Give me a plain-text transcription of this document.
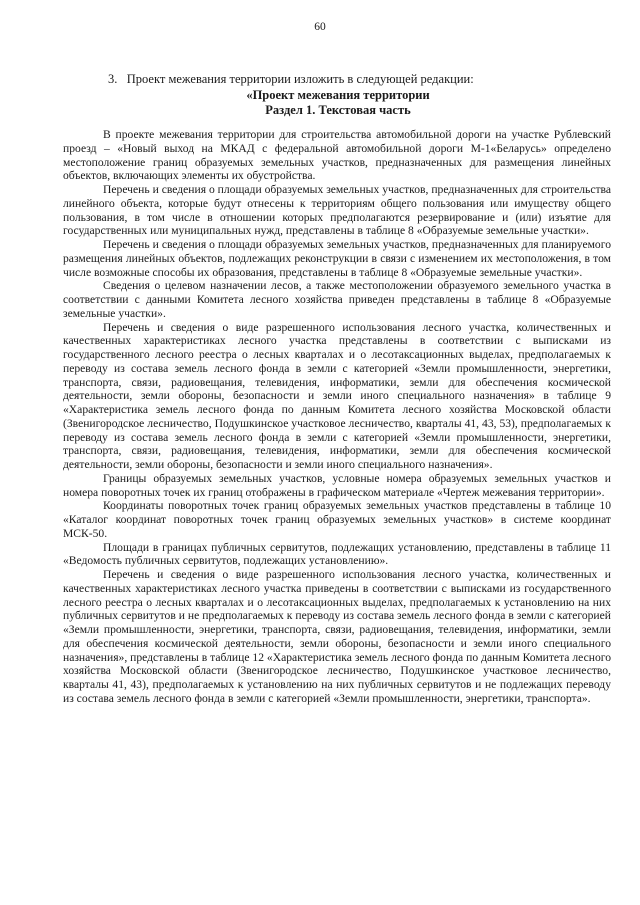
60
3. Проект межевания территории изложить в следующей редакции:
«Проект межевания территории
Раздел 1. Текстовая часть

В проекте межевания территории для строительства автомобильной дороги на участке Рублевский проезд – «Новый выход на МКАД с федеральной автомобильной дороги М-1«Беларусь» определено местоположение границ образуемых земельных участков, предназначенных для размещения линейных объектов, включающих элементы их обустройства.

Перечень и сведения о площади образуемых земельных участков, предназначенных для строительства линейного объекта, которые будут отнесены к территориям общего пользования или имуществу общего пользования, в том числе в отношении которых предполагаются резервирование и (или) изъятие для государственных или муниципальных нужд, представлены в таблице 8 «Образуемые земельные участки».

Перечень и сведения о площади образуемых земельных участков, предназначенных для планируемого размещения линейных объектов, подлежащих реконструкции в связи с изменением их местоположения, в том числе возможные способы их образования, представлены в таблице 8 «Образуемые земельные участки».

Сведения о целевом назначении лесов, а также местоположении образуемого земельного участка в соответствии с данными Комитета лесного хозяйства приведен представлены в таблице 8 «Образуемые земельные участки».

Перечень и сведения о виде разрешенного использования лесного участка, количественных и качественных характеристиках лесного участка представлены в соответствии с выписками из государственного лесного реестра о лесных кварталах и о лесотаксационных выделах, предполагаемых к переводу из состава земель лесного фонда в земли с категорией «Земли промышленности, энергетики, транспорта, связи, радиовещания, телевидения, информатики, земли для обеспечения космической деятельности, земли обороны, безопасности и земли иного специального назначения» в таблице 9 «Характеристика земель лесного фонда по данным Комитета лесного хозяйства Московской области (Звенигородское лесничество, Подушкинское участковое лесничество, кварталы 41, 43, 53), предполагаемых к переводу из состава земель лесного фонда в земли с категорией «Земли промышленности, энергетики, транспорта, связи, радиовещания, телевидения, информатики, земли для обеспечения космической деятельности, земли обороны, безопасности и земли иного специального назначения».

Границы образуемых земельных участков, условные номера образуемых земельных участков и номера поворотных точек их границ отображены в графическом материале «Чертеж межевания территории».

Координаты поворотных точек границ образуемых земельных участков представлены в таблице 10 «Каталог координат поворотных точек границ образуемых земельных участков» в системе координат МСК-50.

Площади в границах публичных сервитутов, подлежащих установлению, представлены в таблице 11 «Ведомость публичных сервитутов, подлежащих установлению».

Перечень и сведения о виде разрешенного использования лесного участка, количественных и качественных характеристиках лесного участка приведены в соответствии с выписками из государственного лесного реестра о лесных кварталах и о лесотаксационных выделах, предполагаемых к установлению на них публичных сервитутов и не предполагаемых к переводу из состава земель лесного фонда в земли с категорией «Земли промышленности, энергетики, транспорта, связи, радиовещания, телевидения, информатики, земли для обеспечения космической деятельности, земли обороны, безопасности и земли иного специального назначения», представлены в таблице 12 «Характеристика земель лесного фонда по данным Комитета лесного хозяйства Московской области (Звенигородское лесничество, Подушкинское участковое лесничество, кварталы 41, 43), предполагаемых к установлению на них публичных сервитутов и не подлежащих переводу из состава земель лесного фонда в земли с категорией «Земли промышленности, энергетики, транспорта».
